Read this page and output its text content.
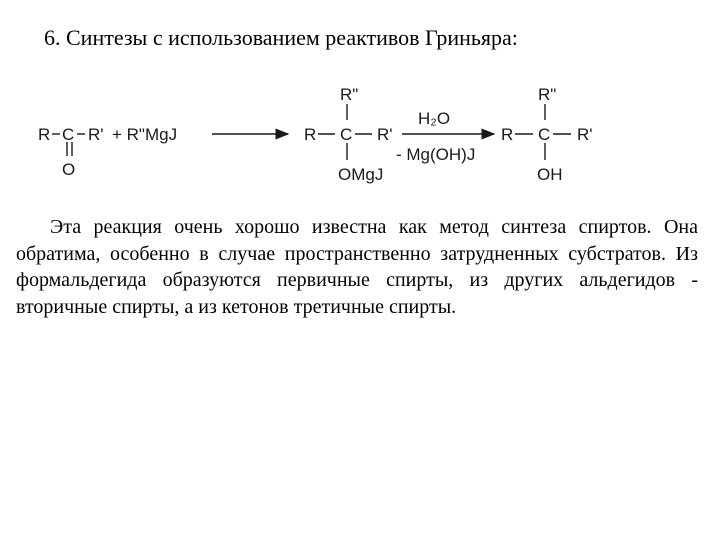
6. Синтезы с использованием реактивов Гриньяра:
R C R'
O
+ R"MgJ
R"
R C R'
OMgJ
H₂O
- Mg(OH)J
R"
R C R'
OH
Эта реакция очень хорошо известна как метод синтеза спиртов. Она обратима, особенно в случае пространственно затрудненных субстратов. Из формальдегида образуются первичные спирты, из других альдегидов - вторичные спирты, а из кетонов третичные спирты.
